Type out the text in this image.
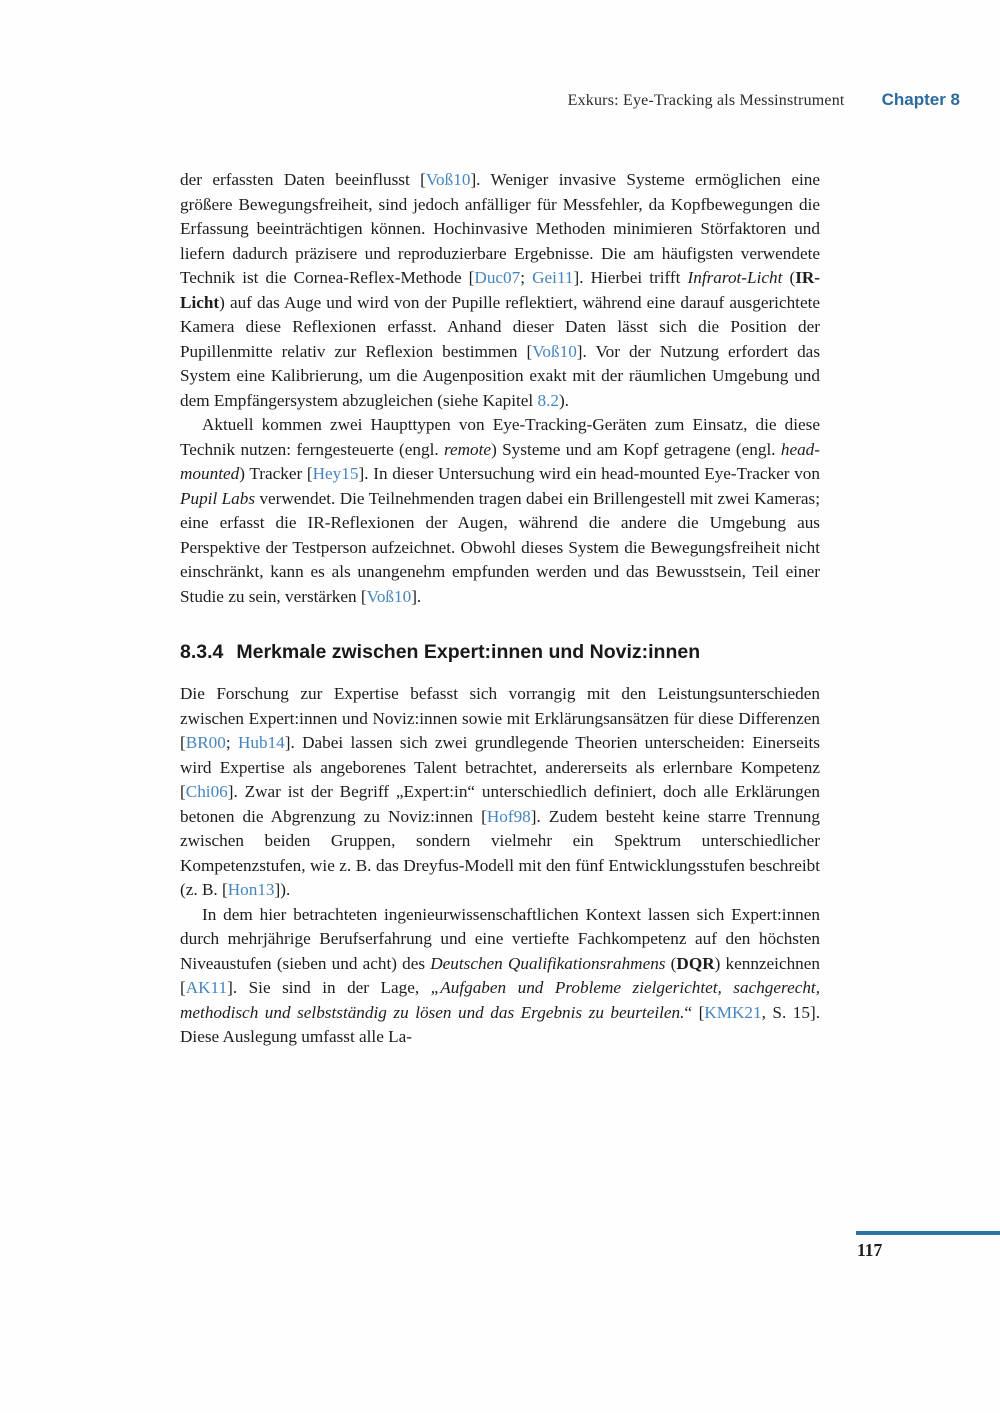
Exkurs: Eye-Tracking als Messinstrument Chapter 8

der erfassten Daten beeinflusst [Voß10]. Weniger invasive Systeme ermöglichen eine größere Bewegungsfreiheit, sind jedoch anfälliger für Messfehler, da Kopfbewegungen die Erfassung beeinträchtigen können. Hochinvasive Methoden minimieren Störfaktoren und liefern dadurch präzisere und reproduzierbare Ergebnisse. Die am häufigsten verwendete Technik ist die Cornea-Reflex-Methode [Duc07; Gei11]. Hierbei trifft Infrarot-Licht (IR-Licht) auf das Auge und wird von der Pupille reflektiert, während eine darauf ausgerichtete Kamera diese Reflexionen erfasst. Anhand dieser Daten lässt sich die Position der Pupillenmitte relativ zur Reflexion bestimmen [Voß10]. Vor der Nutzung erfordert das System eine Kalibrierung, um die Augenposition exakt mit der räumlichen Umgebung und dem Empfängersystem abzugleichen (siehe Kapitel 8.2).

Aktuell kommen zwei Haupttypen von Eye-Tracking-Geräten zum Einsatz, die diese Technik nutzen: ferngesteuerte (engl. remote) Systeme und am Kopf getragene (engl. head-mounted) Tracker [Hey15]. In dieser Untersuchung wird ein head-mounted Eye-Tracker von Pupil Labs verwendet. Die Teilnehmenden tragen dabei ein Brillengestell mit zwei Kameras; eine erfasst die IR-Reflexionen der Augen, während die andere die Umgebung aus Perspektive der Testperson aufzeichnet. Obwohl dieses System die Bewegungsfreiheit nicht einschränkt, kann es als unangenehm empfunden werden und das Bewusstsein, Teil einer Studie zu sein, verstärken [Voß10].

8.3.4 Merkmale zwischen Expert:innen und Noviz:innen

Die Forschung zur Expertise befasst sich vorrangig mit den Leistungsunterschieden zwischen Expert:innen und Noviz:innen sowie mit Erklärungsansätzen für diese Differenzen [BR00; Hub14]. Dabei lassen sich zwei grundlegende Theorien unterscheiden: Einerseits wird Expertise als angeborenes Talent betrachtet, andererseits als erlernbare Kompetenz [Chi06]. Zwar ist der Begriff „Expert:in“ unterschiedlich definiert, doch alle Erklärungen betonen die Abgrenzung zu Noviz:innen [Hof98]. Zudem besteht keine starre Trennung zwischen beiden Gruppen, sondern vielmehr ein Spektrum unterschiedlicher Kompetenzstufen, wie z. B. das Dreyfus-Modell mit den fünf Entwicklungsstufen beschreibt (z. B. [Hon13]).

In dem hier betrachteten ingenieurwissenschaftlichen Kontext lassen sich Expert:innen durch mehrjährige Berufserfahrung und eine vertiefte Fachkompetenz auf den höchsten Niveaustufen (sieben und acht) des Deutschen Qualifikationsrahmens (DQR) kennzeichnen [AK11]. Sie sind in der Lage, „Aufgaben und Probleme zielgerichtet, sachgerecht, methodisch und selbstständig zu lösen und das Ergebnis zu beurteilen.“ [KMK21, S. 15]. Diese Auslegung umfasst alle La-

117
